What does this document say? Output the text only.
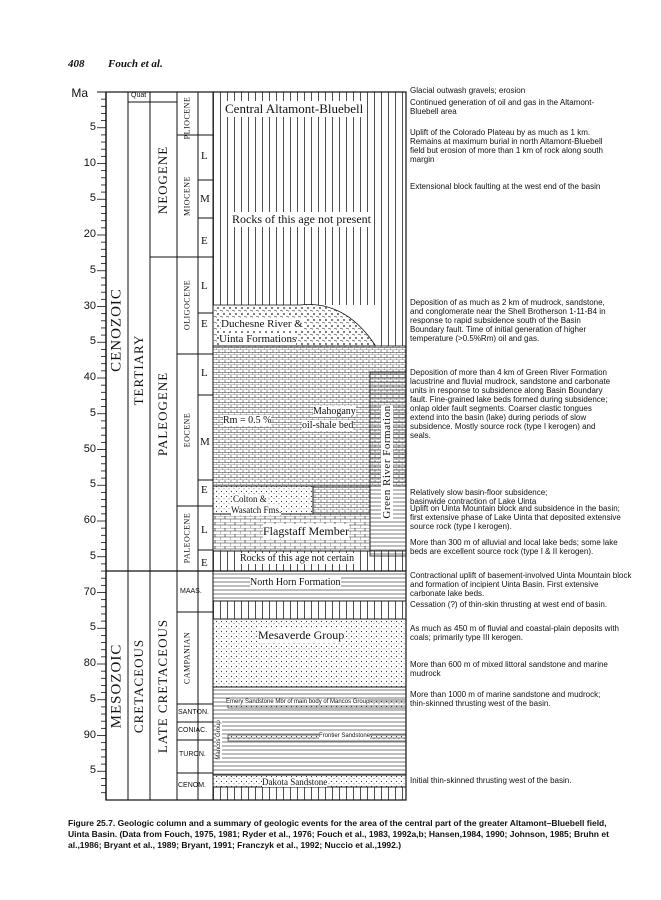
408 Fouch et al.
Ma
5
10
5
20
5
30
5
40
5
50
5
60
5
70
5
80
5
90
5
Quat
CENOZOIC
MESOZOIC
TERTIARY
CRETACEOUS
NEOGENE
PALEOGENE
LATE CRETACEOUS
PLIOCENE
MIOCENE
OLIGOCENE
EOCENE
PALEOCENE
CAMPANIAN
MAAS.
SANTON.
CONIAC.
TURON.
CENOM.
L
M
E
L
E
L
M
E
L
E
Central Altamont-Bluebell
Rocks of this age not present
Duchesne River &
Uinta Formations
Rm = 0.5 %
Mahogany
oil-shale bed	Green River Formation
Colton &
Wasatch Fms.
Flagstaff Member
Rocks of this age not certain
North Horn Formation
Mesaverde Group
Emery Sandstone Mbr of main body of Mancos Group
Mancos Group	Frontier Sandstone
Dakota Sandstone
Glacial outwash gravels; erosion
Continued generation of oil and gas in the Altamont-Bluebell area
Uplift of the Colorado Plateau by as much as 1 km. Remains at maximum burial in north Altamont-Bluebell field but erosion of more than 1 km of rock along south margin
Extensional block faulting at the west end of the basin
Deposition of as much as 2 km of mudrock, sandstone, and conglomerate near the Shell Brotherson 1-11-B4 in response to rapid subsidence south of the Basin Boundary fault. Time of initial generation of higher temperature (>0.5%Rm) oil and gas.
Deposition of more than 4 km of Green River Formation lacustrine and fluvial mudrock, sandstone and carbonate units in response to subsidence along Basin Boundary fault. Fine-grained lake beds formed during subsidence; onlap older fault segments. Coarser clastic tongues extend into the basin (lake) during periods of slow subsidence. Mostly source rock (type I kerogen) and seals.
Relatively slow basin-floor subsidence; basinwide contraction of Lake Uinta
Uplift on Uinta Mountain block and subsidence in the basin; first extensive phase of Lake Uinta that deposited extensive source rock (type I kerogen).
More than 300 m of alluvial and local lake beds; some lake beds are excellent source rock (type I & II kerogen).
Contractional uplift of basement-involved Uinta Mountain block and formation of incipient Uinta Basin. First extensive carbonate lake beds.
Cessation (?) of thin-skin thrusting at west end of basin.
As much as 450 m of fluvial and coastal-plain deposits with coals; primarily type III kerogen.
More than 600 m of mixed littoral sandstone and marine mudrock
More than 1000 m of marine sandstone and mudrock; thin-skinned thrusting west of the basin.
Initial thin-skinned thrusting west of the basin.
Figure 25.7. Geologic column and a summary of geologic events for the area of the central part of the greater Altamont–Bluebell field, Uinta Basin. (Data from Fouch, 1975, 1981; Ryder et al., 1976; Fouch et al., 1983, 1992a,b; Hansen,1984, 1990; Johnson, 1985; Bruhn et al.,1986; Bryant et al., 1989; Bryant, 1991; Franczyk et al., 1992; Nuccio et al.,1992.)
